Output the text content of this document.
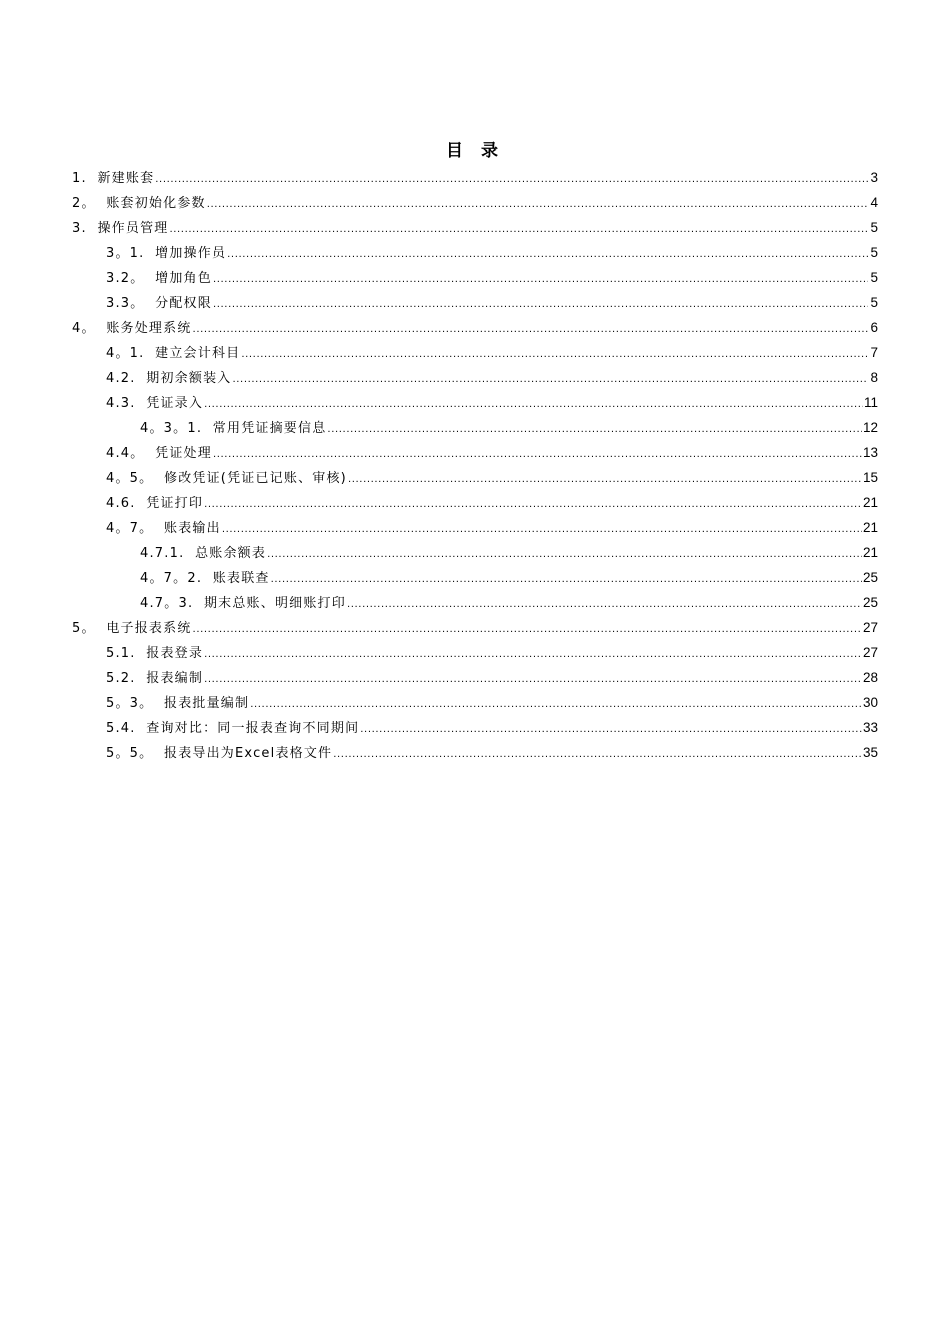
目 录
1.  新建账套 .....	3
2。  账套初始化参数 .....	4
3.  操作员管理 .....	5
3。1.  增加操作员 .....	5
3.2。  增加角色 .....	5
3.3。  分配权限 .....	5
4。  账务处理系统 .....	6
4。1.  建立会计科目 .....	7
4.2.  期初余额装入 .....	8
4.3.  凭证录入 .....	11
4。3。1.  常用凭证摘要信息 .....	12
4.4。  凭证处理 .....	13
4。5。  修改凭证(凭证已记账、审核) .....	15
4.6.  凭证打印 .....	21
4。7。  账表输出 .....	21
4.7.1.  总账余额表 .....	21
4。7。2.  账表联查 .....	25
4.7。3.  期末总账、明细账打印 .....	25
5。  电子报表系统 .....	27
5.1.  报表登录 .....	27
5.2.  报表编制 .....	28
5。3。  报表批量编制 .....	30
5.4.  查询对比：同一报表查询不同期间 .....	33
5。5。  报表导出为Excel表格文件 .....	35
